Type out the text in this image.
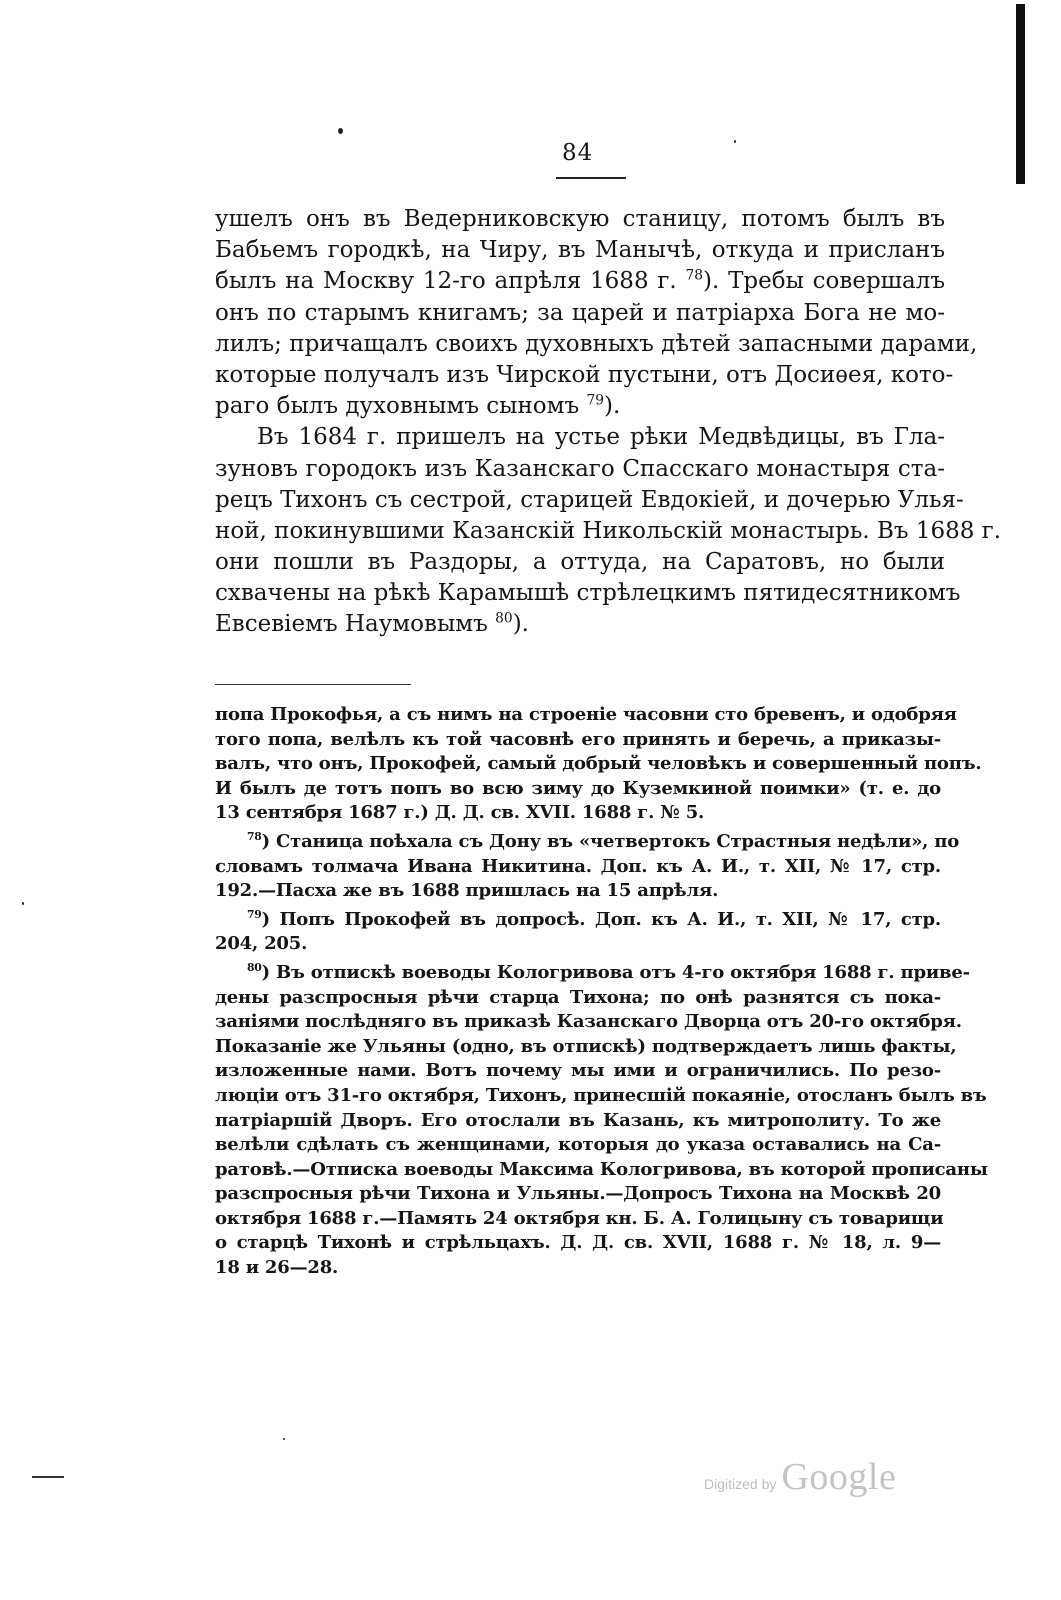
84
ушелъ онъ въ Ведерниковскую станицу, потомъ былъ въ
Бабьемъ городкѣ, на Чиру, въ Манычѣ, откуда и присланъ
былъ на Москву 12-го апрѣля 1688 г. $^{78}$). Требы совершалъ
онъ по старымъ книгамъ; за царей и патріарха Бога не мо-
лилъ; причащалъ своихъ духовныхъ дѣтей запасными дарами,
которые получалъ изъ Чирской пустыни, отъ Досиѳея, кото-
раго былъ духовнымъ сыномъ $^{79}$).
Въ 1684 г. пришелъ на устье рѣки Медвѣдицы, въ Гла-
зуновъ городокъ изъ Казанскаго Спасскаго монастыря ста-
рецъ Тихонъ съ сестрой, старицей Евдокіей, и дочерью Улья-
ной, покинувшими Казанскій Никольскій монастырь. Въ 1688 г.
они пошли въ Раздоры, а оттуда, на Саратовъ, но были
схвачены на рѣкѣ Карамышѣ стрѣлецкимъ пятидесятникомъ
Евсевіемъ Наумовымъ $^{80}$).
попа Прокофья, а съ нимъ на строеніе часовни сто бревенъ, и одобряя
того попа, велѣлъ къ той часовнѣ его принять и беречь, а приказы-
валъ, что онъ, Прокофей, самый добрый человѣкъ и совершенный попъ.
И былъ де тотъ попъ во всю зиму до Куземкиной поимки» (т. е. до
13 сентября 1687 г.) Д. Д. св. XVII. 1688 г. № 5.
$^{78}$) Станица поѣхала съ Дону въ «четвертокъ Страстныя недѣли», по
словамъ толмача Ивана Никитина. Доп. къ А. И., т. XII, № 17, стр.
192.—Пасха же въ 1688 пришлась на 15 апрѣля.
$^{79}$) Попъ Прокофей въ допросѣ. Доп. къ А. И., т. XII, № 17, стр.
204, 205.
$^{80}$) Въ отпискѣ воеводы Кологривова отъ 4-го октября 1688 г. приве-
дены разспросныя рѣчи старца Тихона; по онѣ разнятся съ пока-
заніями послѣдняго въ приказѣ Казанскаго Дворца отъ 20-го октября.
Показаніе же Ульяны (одно, въ отпискѣ) подтверждаетъ лишь факты,
изложенные нами. Вотъ почему мы ими и ограничились. По резо-
люціи отъ 31-го октября, Тихонъ, принесшій покаяніе, отосланъ былъ въ
патріаршій Дворъ. Его отослали въ Казань, къ митрополиту. То же
велѣли сдѣлать съ женщинами, которыя до указа оставались на Са-
ратовѣ.—Отписка воеводы Максима Кологривова, въ которой прописаны
разспросныя рѣчи Тихона и Ульяны.—Допросъ Тихона на Москвѣ 20
октября 1688 г.—Память 24 октября кн. Б. А. Голицыну съ товарищи
о старцѣ Тихонѣ и стрѣльцахъ. Д. Д. св. XVII, 1688 г. № 18, л. 9—
18 и 26—28.
Digitized by Google
